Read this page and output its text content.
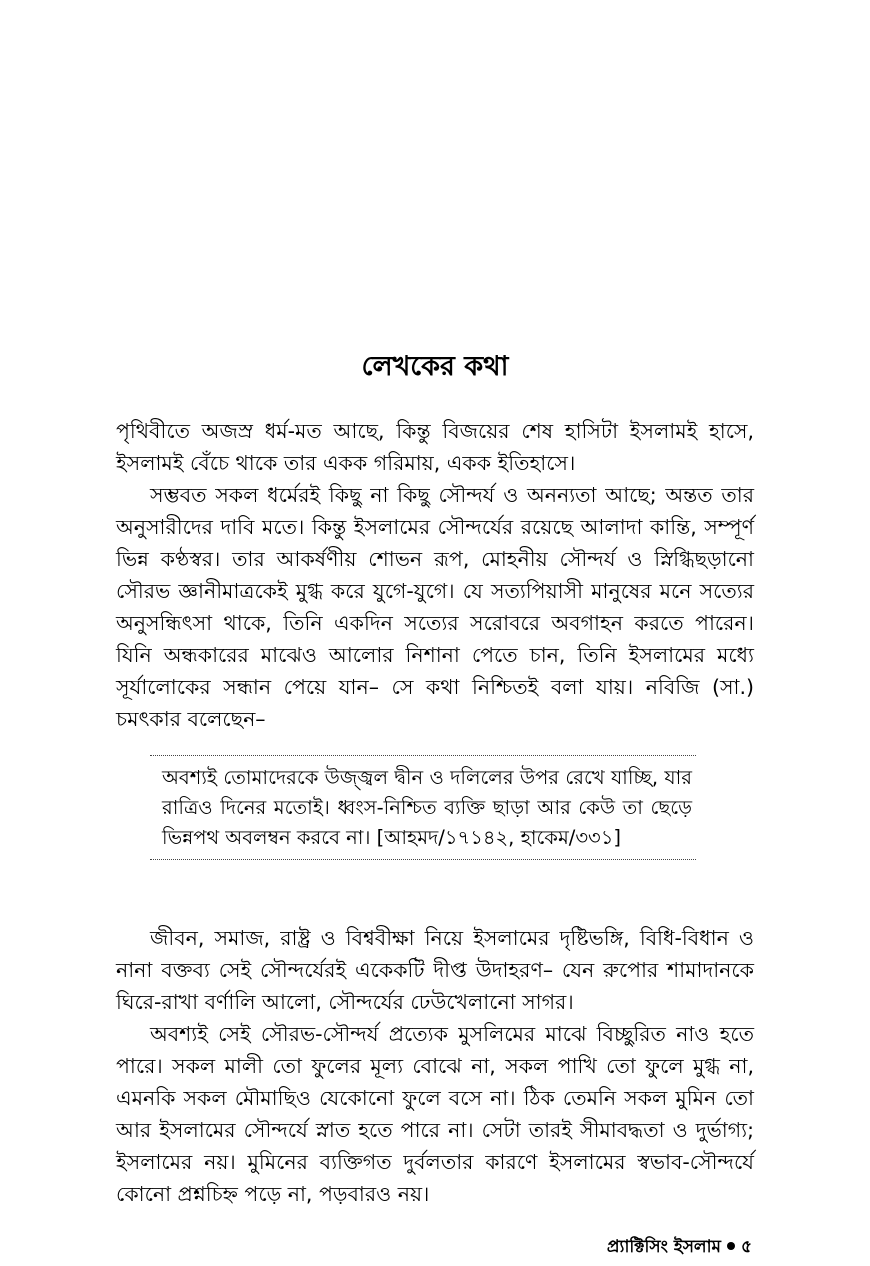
লেখকের কথা

পৃথিবীতে অজস্র ধর্ম-মত আছে, কিন্তু বিজয়ের শেষ হাসিটা ইসলামই হাসে, ইসলামই বেঁচে থাকে তার একক গরিমায়, একক ইতিহাসে।

সম্ভবত সকল ধর্মেরই কিছু না কিছু সৌন্দর্য ও অনন্যতা আছে; অন্তত তার অনুসারীদের দাবি মতে। কিন্তু ইসলামের সৌন্দর্যের রয়েছে আলাদা কান্তি, সম্পূর্ণ ভিন্ন কণ্ঠস্বর। তার আকর্ষণীয় শোভন রূপ, মোহনীয় সৌন্দর্য ও স্নিগ্ধিছড়ানো সৌরভ জ্ঞানীমাত্রকেই মুগ্ধ করে যুগে-যুগে। যে সত্যপিয়াসী মানুষের মনে সত্যের অনুসন্ধিৎসা থাকে, তিনি একদিন সত্যের সরোবরে অবগাহন করতে পারেন। যিনি অন্ধকারের মাঝেও আলোর নিশানা পেতে চান, তিনি ইসলামের মধ্যে সূর্যালোকের সন্ধান পেয়ে যান– সে কথা নিশ্চিতই বলা যায়। নবিজি (সা.) চমৎকার বলেছেন–

অবশ্যই তোমাদেরকে উজ্জ্বল দ্বীন ও দলিলের উপর রেখে যাচ্ছি, যার রাত্রিও দিনের মতোই। ধ্বংস-নিশ্চিত ব্যক্তি ছাড়া আর কেউ তা ছেড়ে ভিন্নপথ অবলম্বন করবে না। [আহমদ/১৭১৪২, হাকেম/৩৩১]

জীবন, সমাজ, রাষ্ট্র ও বিশ্ববীক্ষা নিয়ে ইসলামের দৃষ্টিভঙ্গি, বিধি-বিধান ও নানা বক্তব্য সেই সৌন্দর্যেরই একেকটি দীপ্ত উদাহরণ– যেন রুপোর শামাদানকে ঘিরে-রাখা বর্ণালি আলো, সৌন্দর্যের ঢেউখেলানো সাগর।

অবশ্যই সেই সৌরভ-সৌন্দর্য প্রত্যেক মুসলিমের মাঝে বিচ্ছুরিত নাও হতে পারে। সকল মালী তো ফুলের মূল্য বোঝে না, সকল পাখি তো ফুলে মুগ্ধ না, এমনকি সকল মৌমাছিও যেকোনো ফুলে বসে না। ঠিক তেমনি সকল মুমিন তো আর ইসলামের সৌন্দর্যে স্নাত হতে পারে না। সেটা তারই সীমাবদ্ধতা ও দুর্ভাগ্য; ইসলামের নয়। মুমিনের ব্যক্তিগত দুর্বলতার কারণে ইসলামের স্বভাব-সৌন্দর্যে কোনো প্রশ্নচিহ্ন পড়ে না, পড়বারও নয়।

প্র্যাক্টিসিং ইসলাম ৫
